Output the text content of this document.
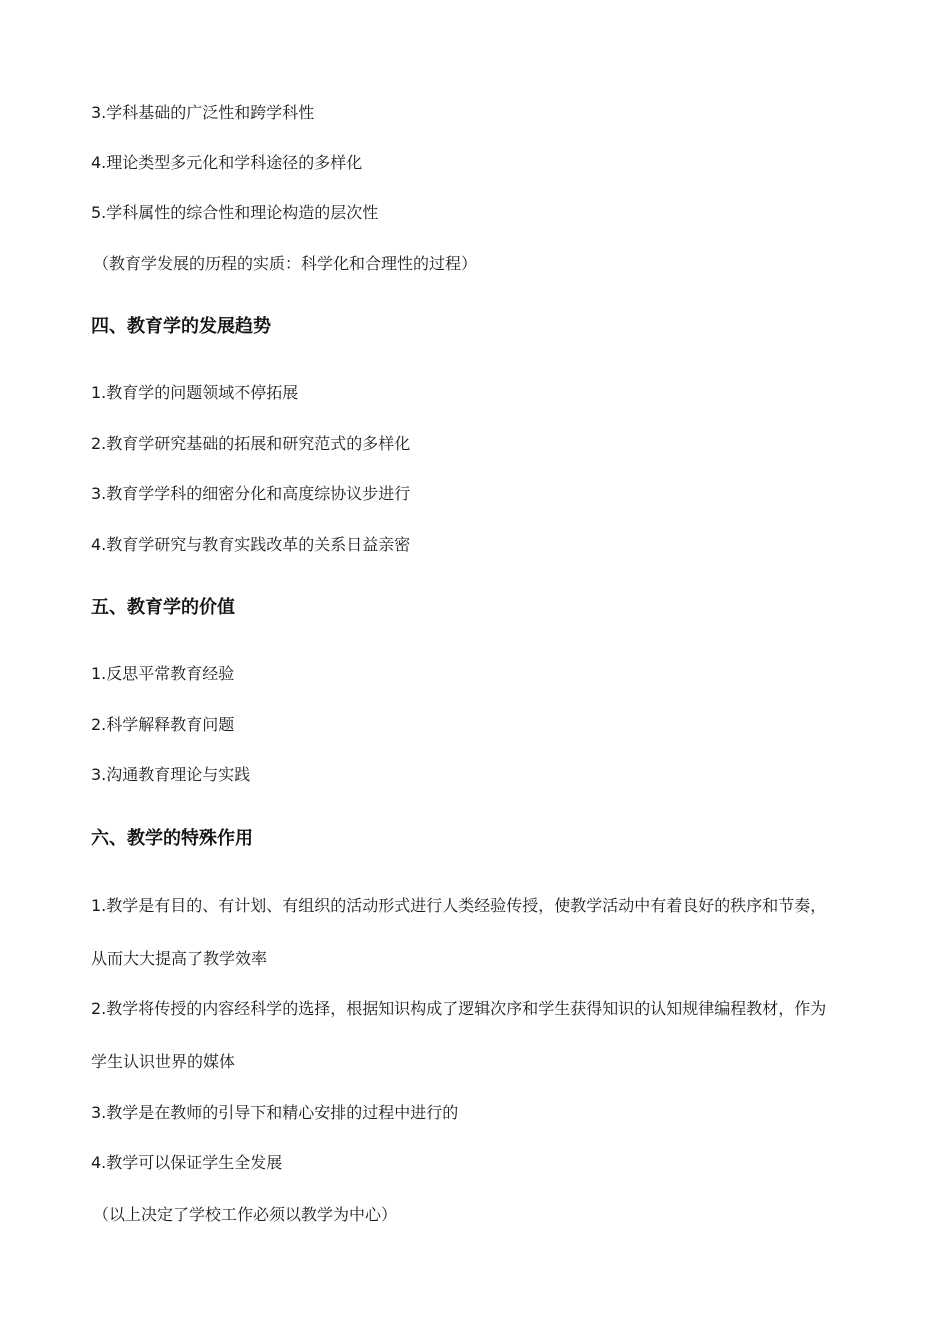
3.学科基础的广泛性和跨学科性
4.理论类型多元化和学科途径的多样化
5.学科属性的综合性和理论构造的层次性
（教育学发展的历程的实质：科学化和合理性的过程）
四、教育学的发展趋势
1.教育学的问题领域不停拓展
2.教育学研究基础的拓展和研究范式的多样化
3.教育学学科的细密分化和高度综协议步进行
4.教育学研究与教育实践改革的关系日益亲密
五、教育学的价值
1.反思平常教育经验
2.科学解释教育问题
3.沟通教育理论与实践
六、教学的特殊作用
1.教学是有目的、有计划、有组织的活动形式进行人类经验传授，使教学活动中有着良好的秩序和节奏，
从而大大提高了教学效率
2.教学将传授的内容经科学的选择，根据知识构成了逻辑次序和学生获得知识的认知规律编程教材，作为
学生认识世界的媒体
3.教学是在教师的引导下和精心安排的过程中进行的
4.教学可以保证学生全发展
（以上决定了学校工作必须以教学为中心）
